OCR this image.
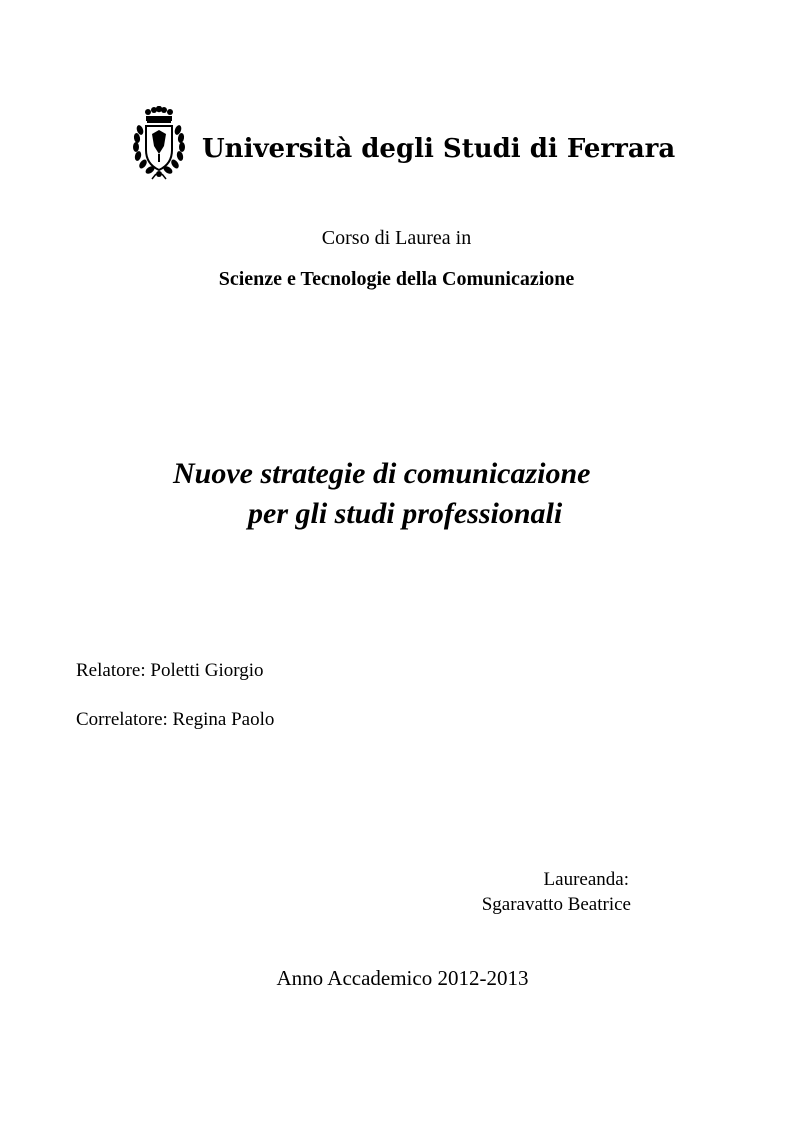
Università degli Studi di Ferrara
Corso di Laurea in
Scienze e Tecnologie della Comunicazione
Nuove strategie di comunicazione
per gli studi professionali
Relatore: Poletti Giorgio
Correlatore: Regina Paolo
Laureanda:
Sgaravatto Beatrice
Anno Accademico 2012-2013
